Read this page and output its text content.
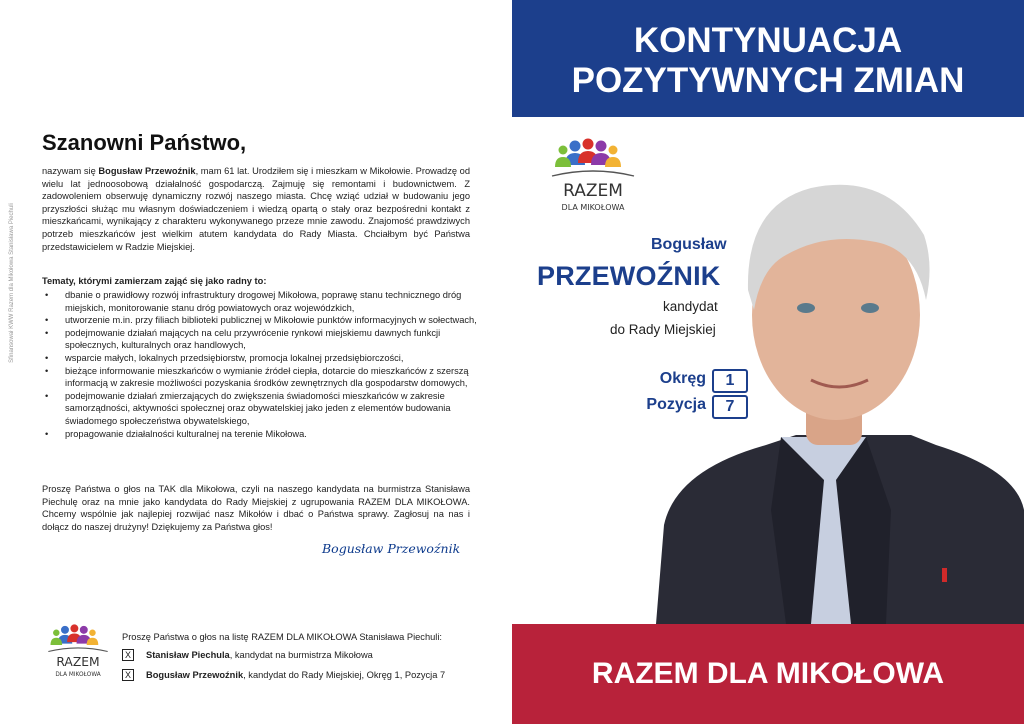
Sfinansował KWW Razem dla Mikołowa Stanisława Piechuli
Szanowni Państwo,

nazywam się Bogusław Przewoźnik, mam 61 lat. Urodziłem się i mieszkam w Mikołowie. Prowadzę od wielu lat jednoosobową działalność gospodarczą. Zajmuję się remontami i budownictwem. Z zadowoleniem obserwuję dynamiczny rozwój naszego miasta. Chcę wziąć udział w budowaniu jego przyszłości służąc mu własnym doświadczeniem i wiedzą opartą o stały oraz bezpośredni kontakt z mieszkańcami, wynikający z charakteru wykonywanego przeze mnie zawodu. Znajomość prawdziwych potrzeb mieszkańców jest wielkim atutem kandydata do Rady Miasta. Chciałbym być Państwa przedstawicielem w Radzie Miejskiej.

Tematy, którymi zamierzam zająć się jako radny to:

• dbanie o prawidłowy rozwój infrastruktury drogowej Mikołowa, poprawę stanu technicznego dróg miejskich, monitorowanie stanu dróg powiatowych oraz wojewódzkich,
• utworzenie m.in. przy filiach biblioteki publicznej w Mikołowie punktów informacyjnych w sołectwach,
• podejmowanie działań mających na celu przywrócenie rynkowi miejskiemu dawnych funkcji społecznych, kulturalnych oraz handlowych,
• wsparcie małych, lokalnych przedsiębiorstw, promocja lokalnej przedsiębiorczości,
• bieżące informowanie mieszkańców o wymianie źródeł ciepła, dotarcie do mieszkańców z szerszą informacją w zakresie możliwości pozyskania środków zewnętrznych dla gospodarstw domowych,
• podejmowanie działań zmierzających do zwiększenia świadomości mieszkańców w zakresie samorządności, aktywności społecznej oraz obywatelskiej jako jeden z elementów budowania świadomego społeczeństwa obywatelskiego,
• propagowanie działalności kulturalnej na terenie Mikołowa.

Proszę Państwa o głos na TAK dla Mikołowa, czyli na naszego kandydata na burmistrza Stanisława Piechulę oraz na mnie jako kandydata do Rady Miejskiej z ugrupowania RAZEM DLA MIKOŁOWA. Chcemy wspólnie jak najlepiej rozwijać nasz Mikołów i dbać o Państwa sprawy. Zagłosuj na nas i dołącz do naszej drużyny! Dziękujemy za Państwa głos!

Bogusław Przewoźnik
RAZEM
DLA MIKOŁOWA

Proszę Państwa o głos na listę RAZEM DLA MIKOŁOWA Stanisława Piechuli:

X	Stanisław Piechula , kandydat na burmistrza Mikołowa
X	Bogusław Przewoźnik , kandydat do Rady Miejskiej, Okręg 1, Pozycja 7
KONTYNUACJA
POZYTYWNYCH ZMIAN
RAZEM
DLA MIKOŁOWA
Bogusław
PRZEWOŹNIK
kandydat
do Rady Miejskiej
Okręg	1
Pozycja	7
RAZEM DLA MIKOŁOWA
